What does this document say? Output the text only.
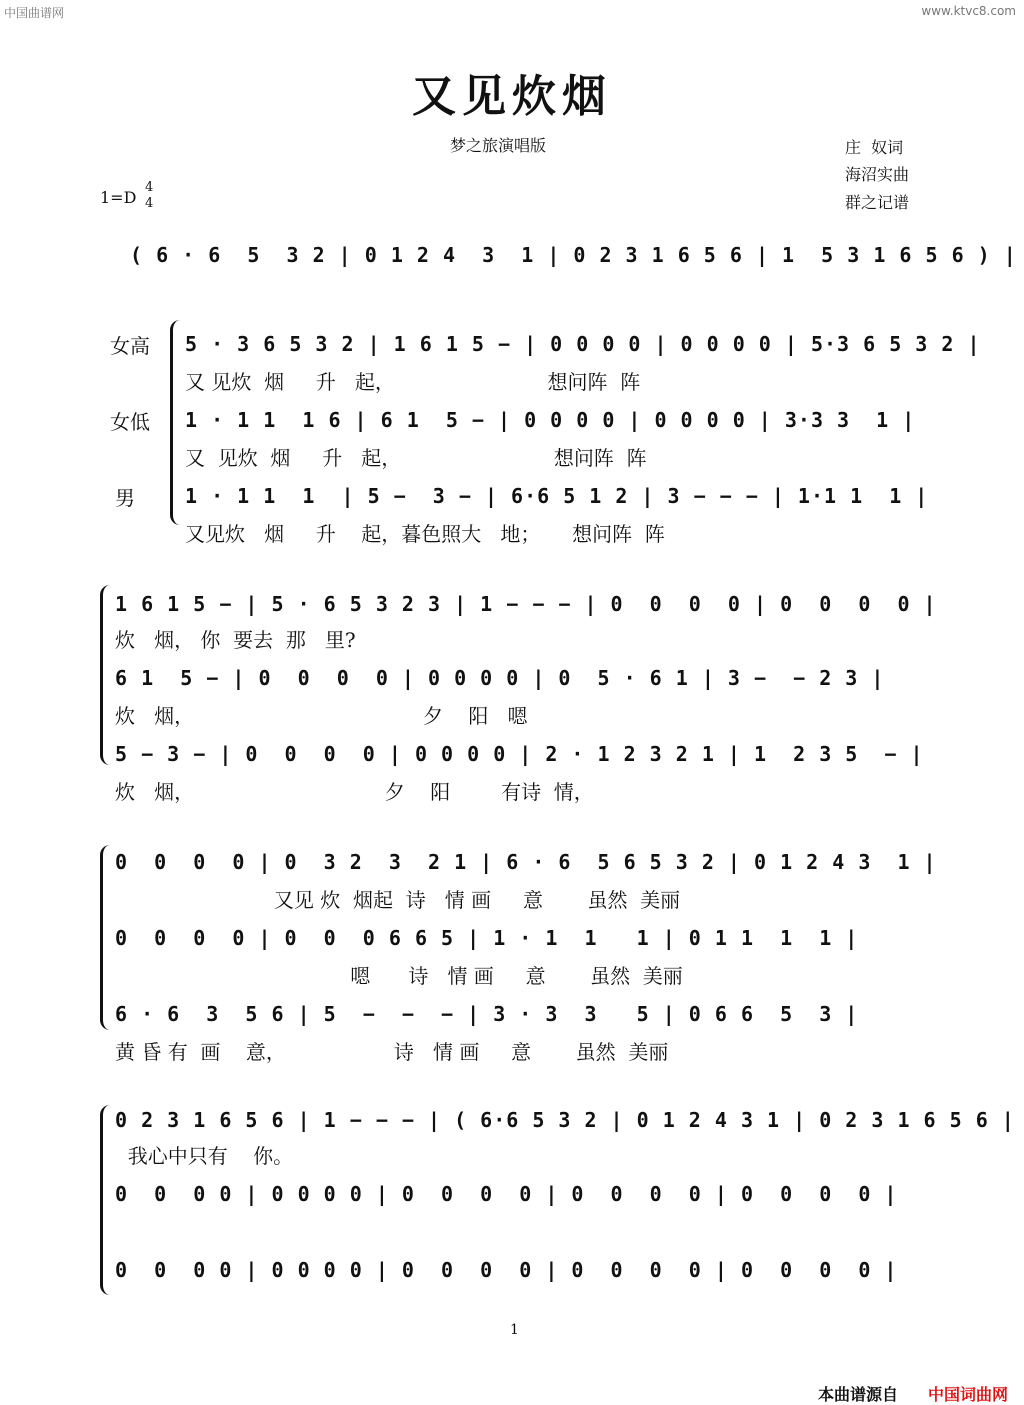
中国曲谱网	www.ktvc8.com
又见炊烟
梦之旅演唱版	庄  奴词
海沼实曲
群之记谱
1=D
4
4
( 6 · 6  5  3 2 | 0 1 2 4  3  1 | 0 2 3 1 6 5 6 | 1  5 3 1 6 5 6 ) |
女高
女低
男
5 · 3 6 5 3 2 | 1 6 1 5 − | 0 0 0 0 | 0 0 0 0 | 5·3 6 5 3 2 |
又 见炊  烟     升   起，                        想问阵  阵
1 · 1 1  1 6 | 6 1  5 − | 0 0 0 0 | 0 0 0 0 | 3·3 3  1 |
又  见炊  烟     升   起，                        想问阵  阵
1 · 1 1  1  | 5 −  3 − | 6·6 5 1 2 | 3 − − − | 1·1 1  1 |
又见炊   烟     升    起，暮色照大   地；     想问阵  阵
1 6 1 5 − | 5 · 6 5 3 2 3 | 1 − − − | 0  0  0  0 | 0  0  0  0 |
炊   烟， 你  要去  那   里?
6 1  5 − | 0  0  0  0 | 0 0 0 0 | 0  5 · 6 1 | 3 −  − 2 3 |
炊   烟，                                    夕    阳   嗯
5 − 3 − | 0  0  0  0 | 0 0 0 0 | 2 · 1 2 3 2 1 | 1  2 3 5  − |
炊   烟，                              夕    阳        有诗  情，
0  0  0  0 | 0  3 2  3  2 1 | 6 · 6  5 6 5 3 2 | 0 1 2 4 3  1 |
又见 炊  烟起  诗   情 画     意       虽然  美丽
0  0  0  0 | 0  0  0 6 6 5 | 1 · 1  1   1 | 0 1 1  1  1 |
嗯      诗   情 画     意       虽然  美丽
6 · 6  3  5 6 | 5  −  −  − | 3 · 3  3   5 | 0 6 6  5  3 |
黄 昏 有  画    意，                 诗   情 画     意       虽然  美丽
0 2 3 1 6 5 6 | 1 − − − | ( 6·6 5 3 2 | 0 1 2 4 3 1 | 0 2 3 1 6 5 6 |
我心中只有    你。
0  0  0 0 | 0 0 0 0 | 0  0  0  0 | 0  0  0  0 | 0  0  0  0 |
0  0  0 0 | 0 0 0 0 | 0  0  0  0 | 0  0  0  0 | 0  0  0  0 |
1
本曲谱源自 中国词曲网
